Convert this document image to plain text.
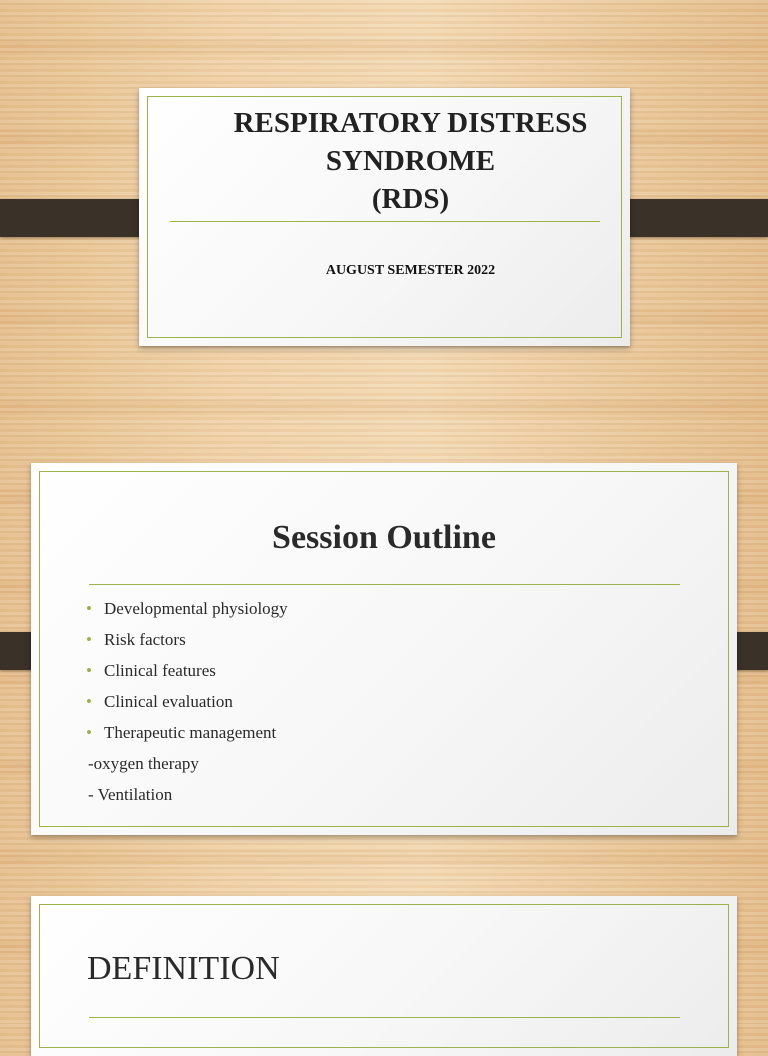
RESPIRATORY DISTRESS
SYNDROME
(RDS)
AUGUST SEMESTER 2022
Session Outline
• Developmental physiology
• Risk factors
• Clinical features
• Clinical evaluation
• Therapeutic management
-oxygen therapy
- Ventilation
DEFINITION
